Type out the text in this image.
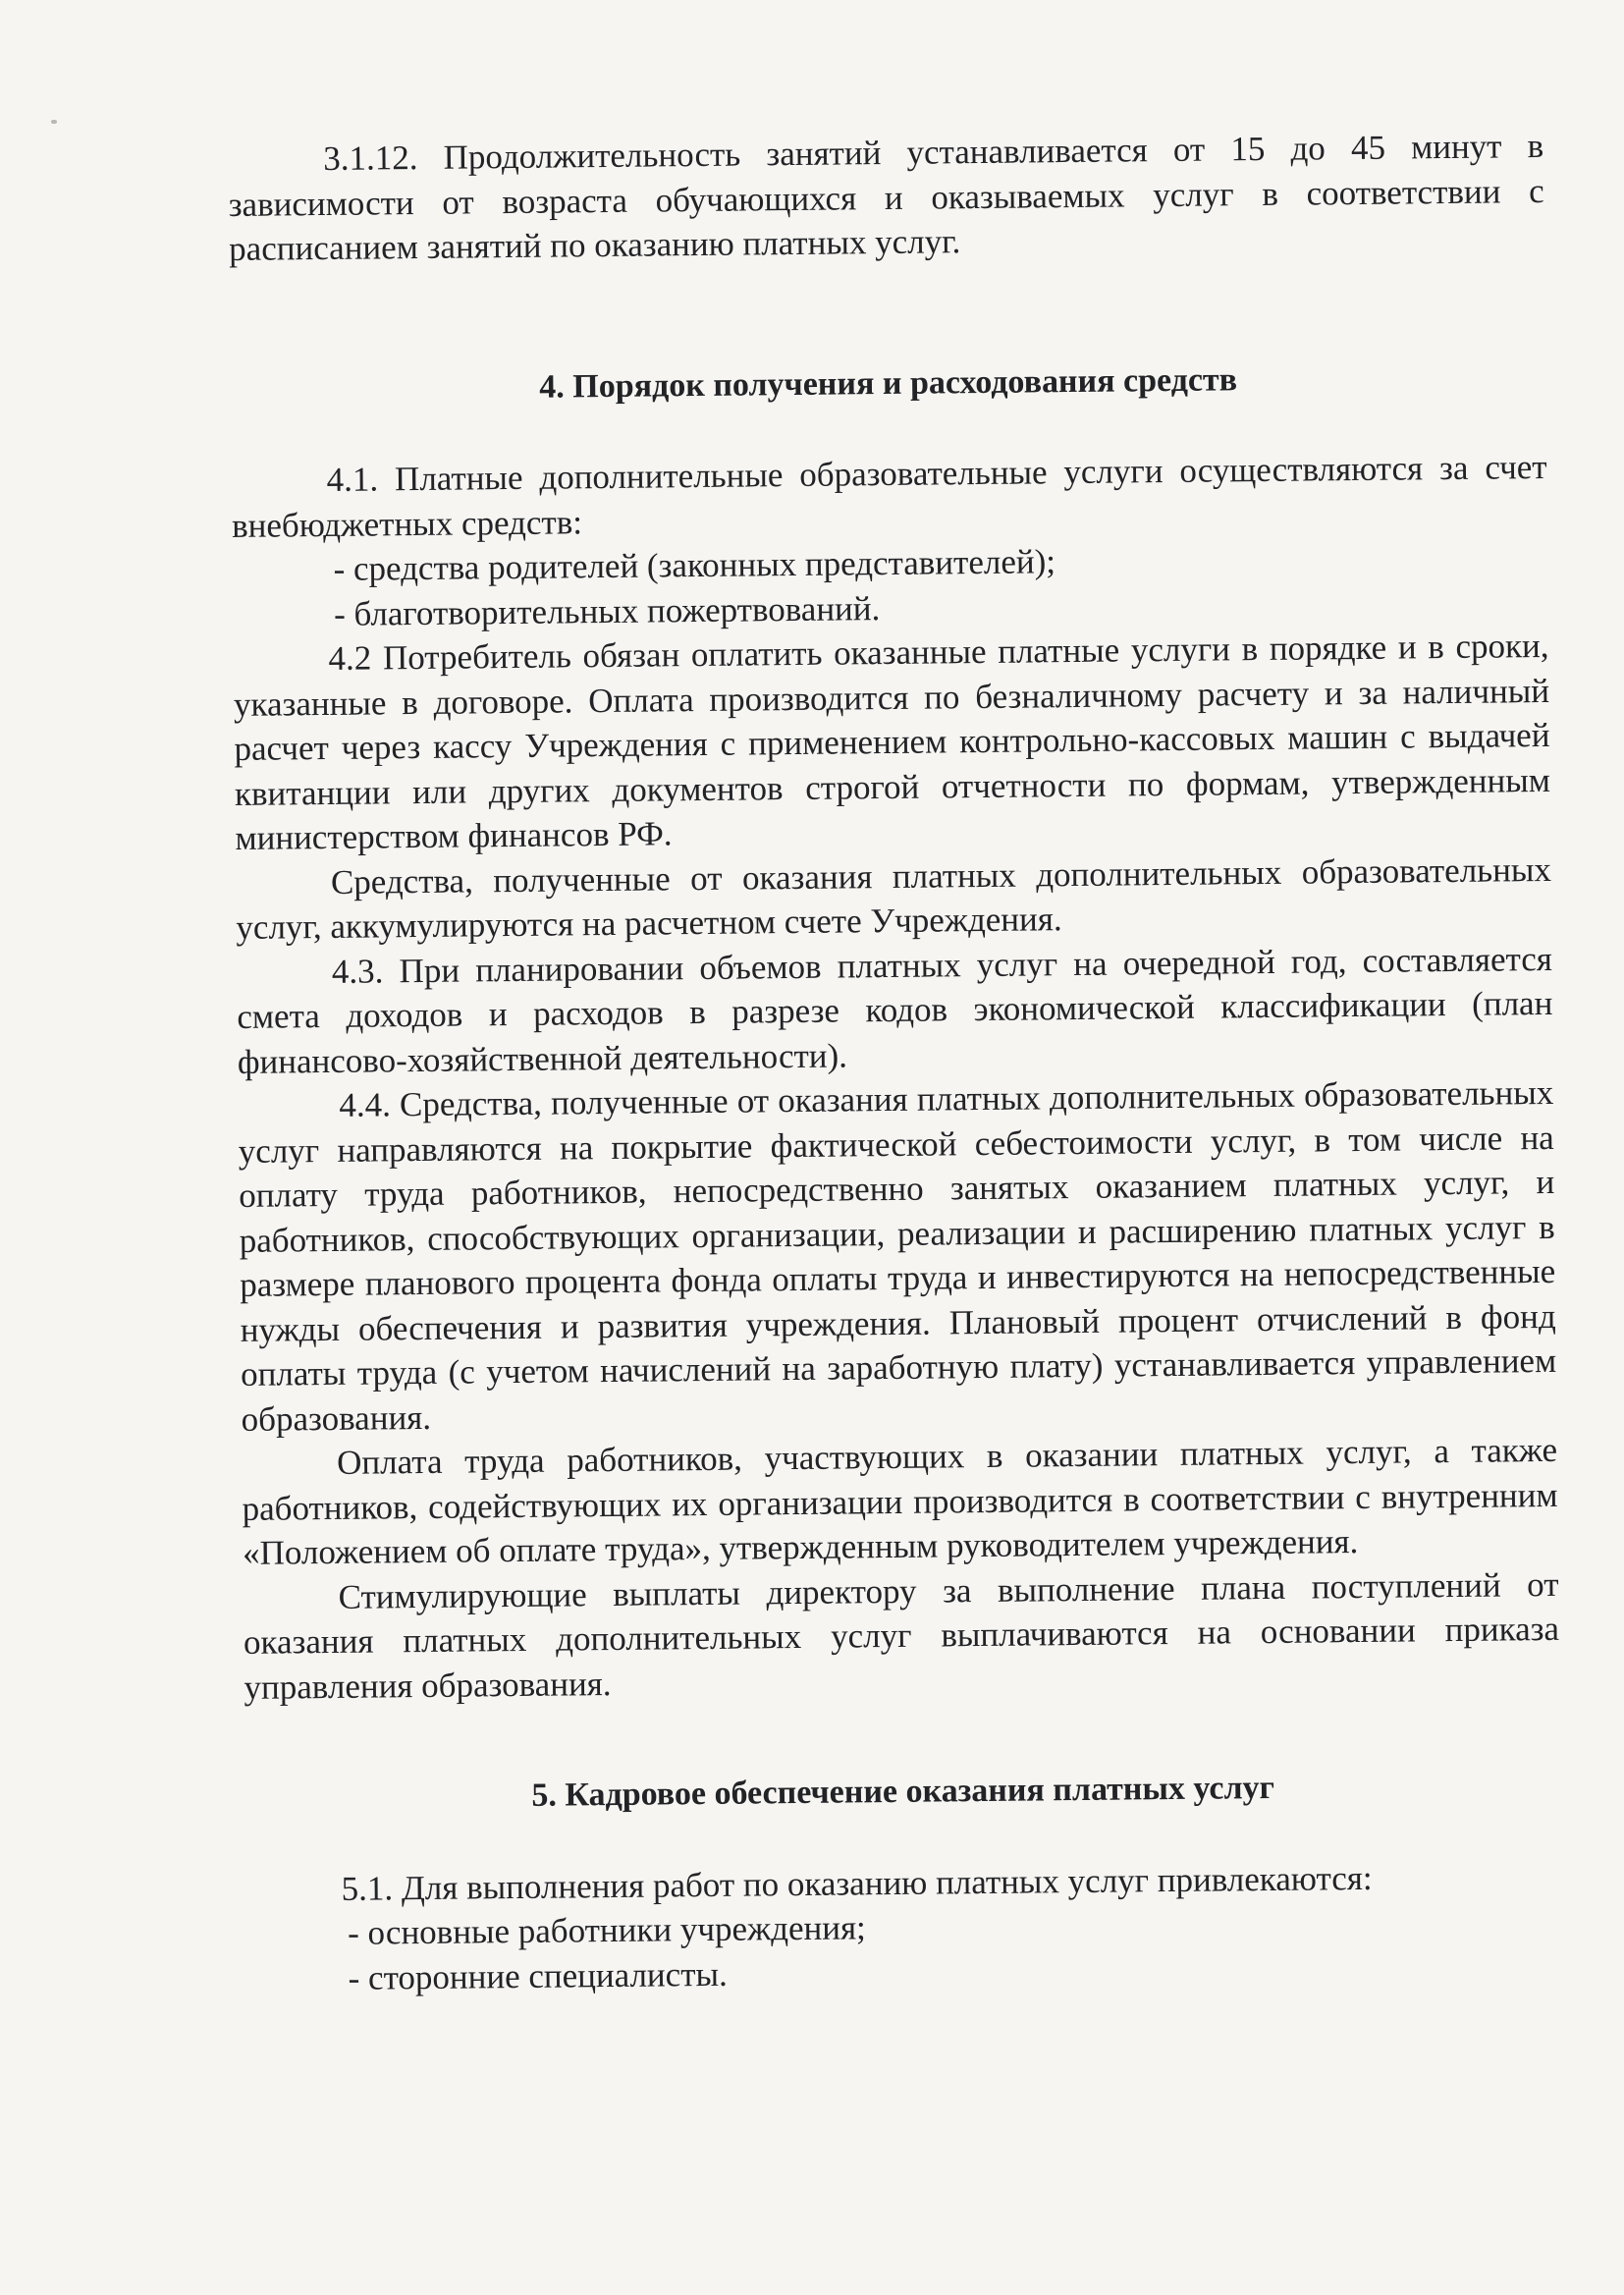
3.1.12. Продолжительность занятий устанавливается от 15 до 45 минут в зависимости от возраста обучающихся и оказываемых услуг в соответствии с расписанием занятий по оказанию платных услуг.

4. Порядок получения и расходования средств

4.1. Платные дополнительные образовательные услуги осуществляются за счет внебюджетных средств:

- средства родителей (законных представителей);

- благотворительных пожертвований.

4.2 Потребитель обязан оплатить оказанные платные услуги в порядке и в сроки, указанные в договоре. Оплата производится по безналичному расчету и за наличный расчет через кассу Учреждения с применением контрольно-кассовых машин с выдачей квитанции или других документов строгой отчетности по формам, утвержденным министерством финансов РФ.

Средства, полученные от оказания платных дополнительных образовательных услуг, аккумулируются на расчетном счете Учреждения.

4.3. При планировании объемов платных услуг на очередной год, составляется смета доходов и расходов в разрезе кодов экономической классификации (план финансово-хозяйственной деятельности).

4.4. Средства, полученные от оказания платных дополнительных образовательных услуг направляются на покрытие фактической себестоимости услуг, в том числе на оплату труда работников, непосредственно занятых оказанием платных услуг, и работников, способствующих организации, реализации и расширению платных услуг в размере планового процента фонда оплаты труда и инвестируются на непосредственные нужды обеспечения и развития учреждения. Плановый процент отчислений в фонд оплаты труда (с учетом начислений на заработную плату) устанавливается управлением образования.

Оплата труда работников, участвующих в оказании платных услуг, а также работников, содействующих их организации производится в соответствии с внутренним «Положением об оплате труда», утвержденным руководителем учреждения.

Стимулирующие выплаты директору за выполнение плана поступлений от оказания платных дополнительных услуг выплачиваются на основании приказа управления образования.

5. Кадровое обеспечение оказания платных услуг

5.1. Для выполнения работ по оказанию платных услуг привлекаются:

- основные работники учреждения;

- сторонние специалисты.
